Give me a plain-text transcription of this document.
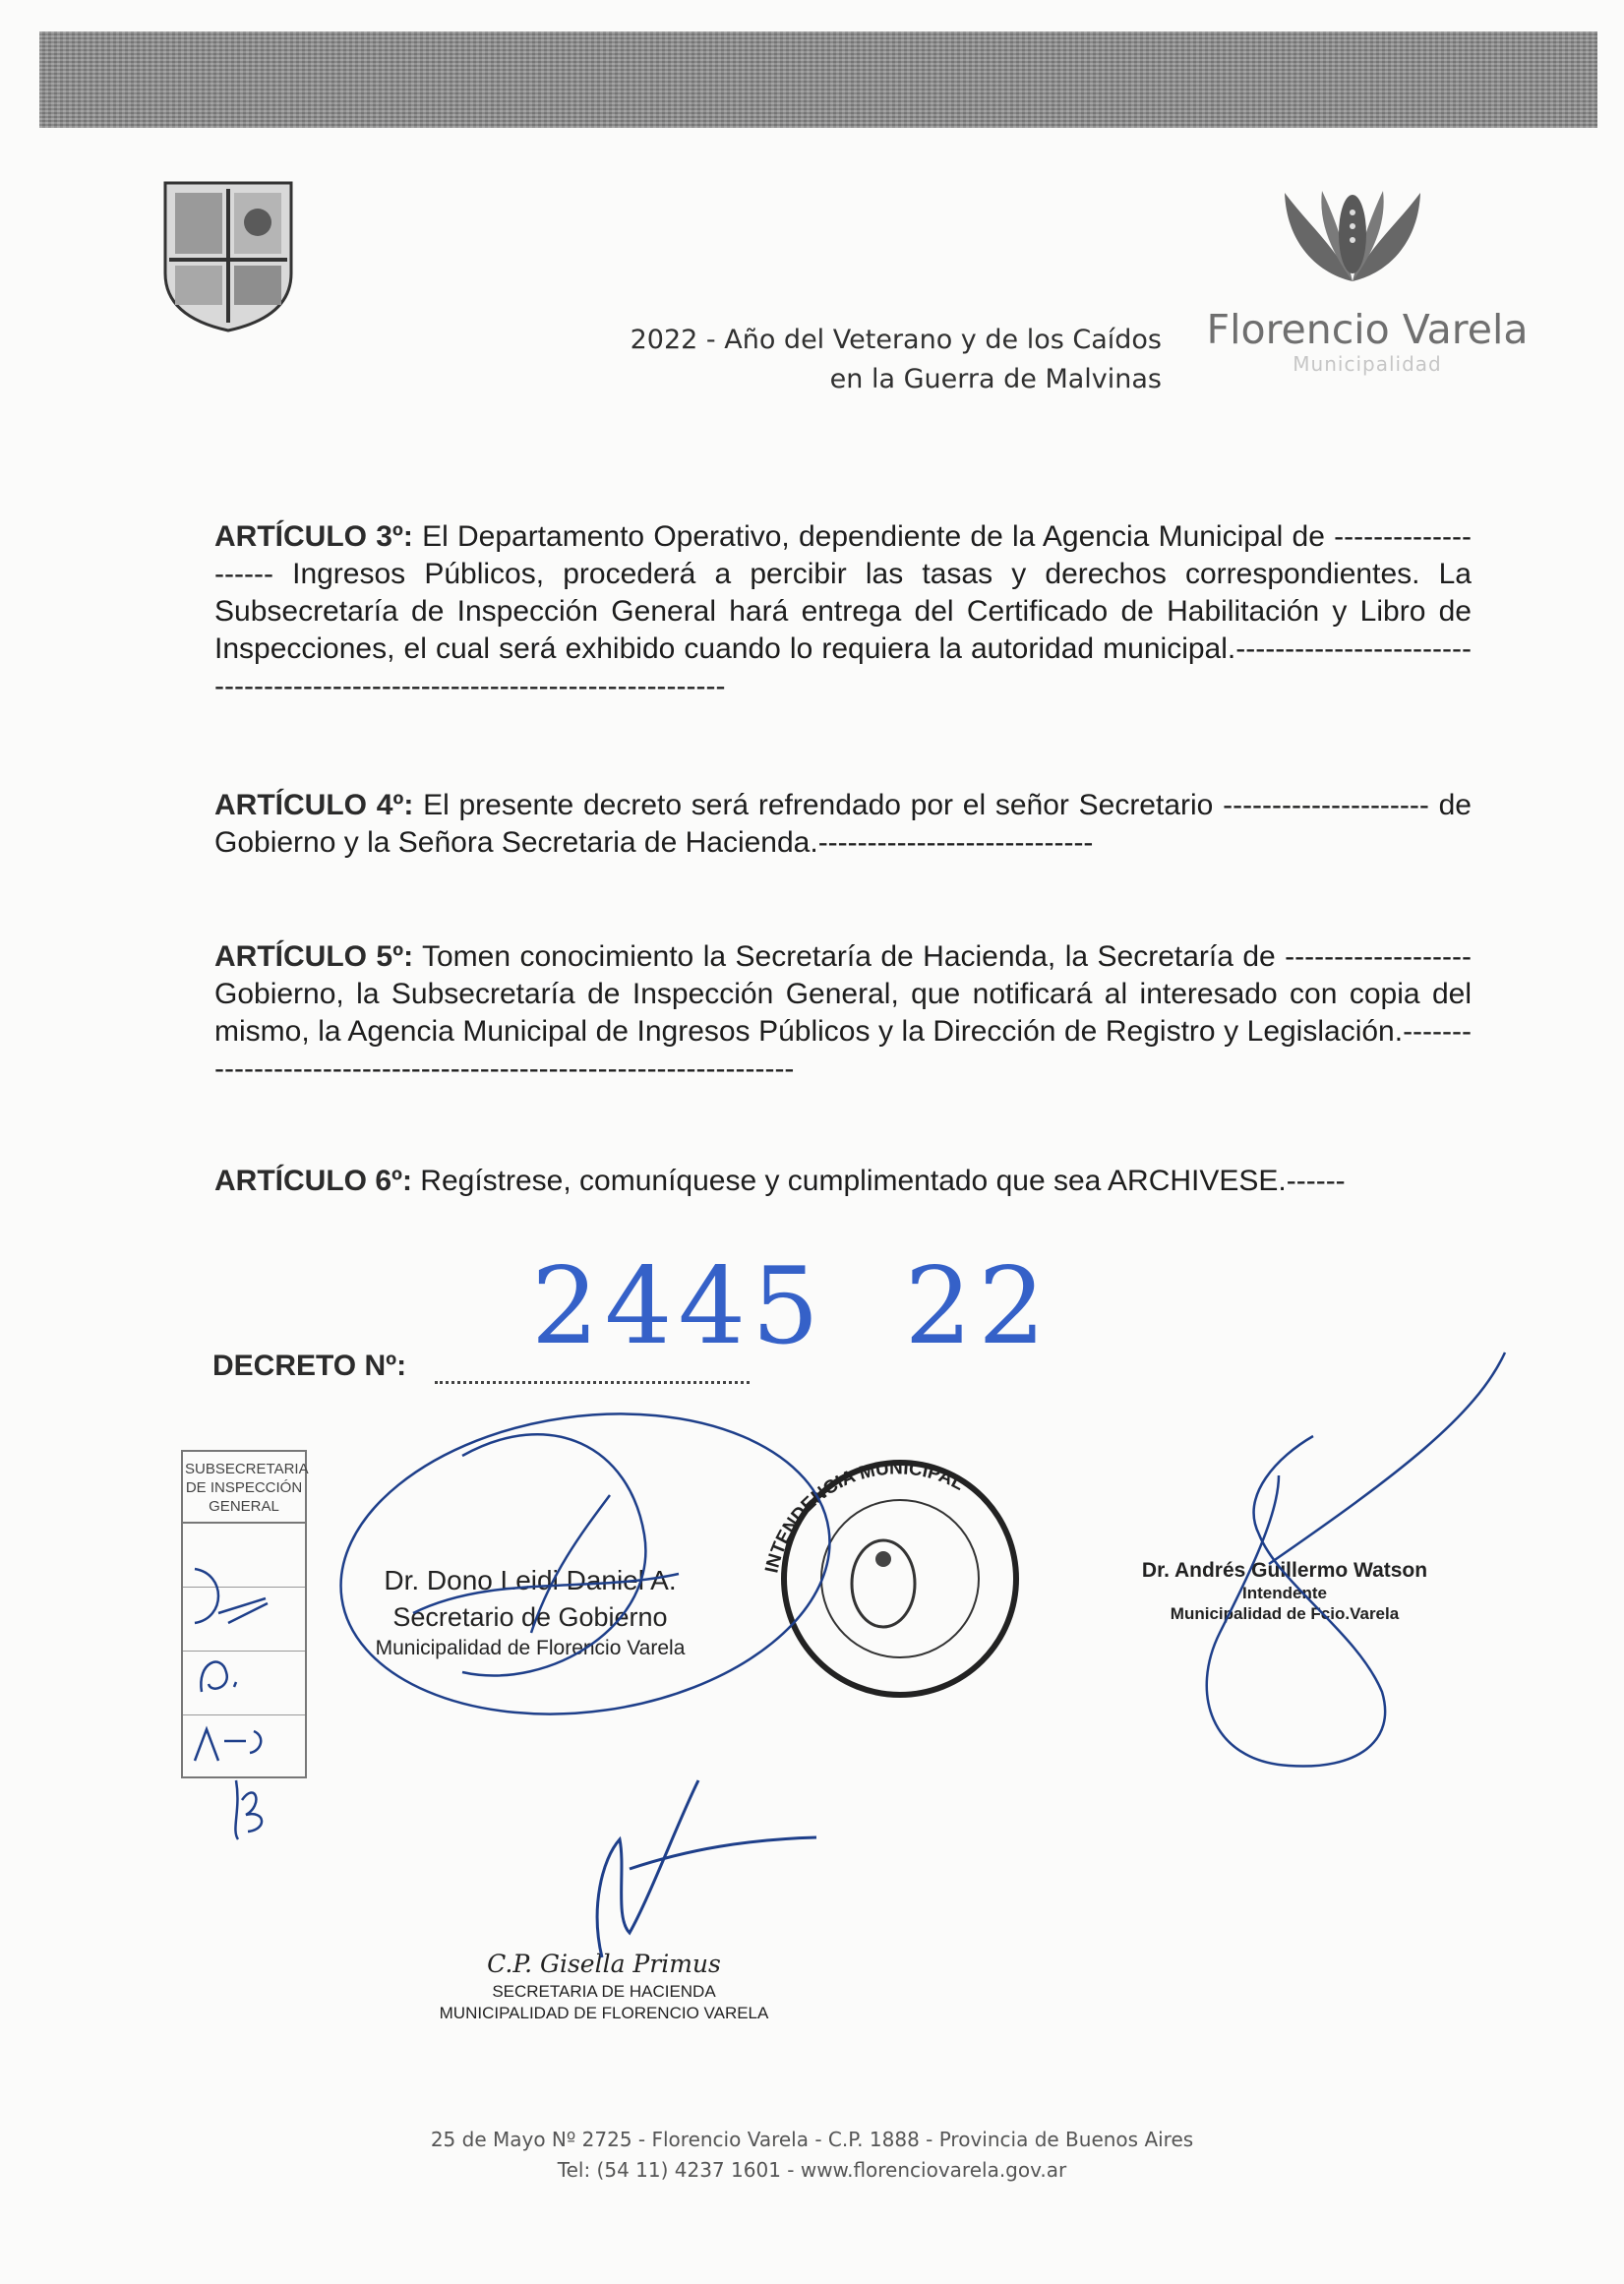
Florencio Varela
Municipalidad
2022 - Año del Veterano y de los Caídos
en la Guerra de Malvinas
ARTÍCULO 3º: El Departamento Operativo, dependiente de la Agencia Municipal de -------------------- Ingresos Públicos, procederá a percibir las tasas y derechos correspondientes. La Subsecretaría de Inspección General hará entrega del Certificado de Habilitación y Libro de Inspecciones, el cual será exhibido cuando lo requiera la autoridad municipal.----------------------------------------------------------------------------
ARTÍCULO 4º: El presente decreto será refrendado por el señor Secretario --------------------- de Gobierno y la Señora Secretaria de Hacienda.----------------------------
ARTÍCULO 5º: Tomen conocimiento la Secretaría de Hacienda, la Secretaría de ------------------- Gobierno, la Subsecretaría de Inspección General, que notificará al interesado con copia del mismo, la Agencia Municipal de Ingresos Públicos y la Dirección de Registro y Legislación.------------------------------------------------------------------
ARTÍCULO 6º: Regístrese, comuníquese y cumplimentado que sea ARCHIVESE.------
DECRETO Nº: 2445  22
SUBSECRETARIA DE INSPECCIÓN GENERAL
Dr. Dono Leidi Daniel A.
Secretario de Gobierno
Municipalidad de Florencio Varela
Dr. Andrés Guillermo Watson
Intendente
Municipalidad de Fcio.Varela
C.P. Gisella Primus
SECRETARIA DE HACIENDA
MUNICIPALIDAD DE FLORENCIO VARELA
INTENDENCIA MUNICIPAL
25 de Mayo Nº 2725 - Florencio Varela - C.P. 1888 - Provincia de Buenos Aires
Tel: (54 11) 4237 1601 - www.florenciovarela.gov.ar
